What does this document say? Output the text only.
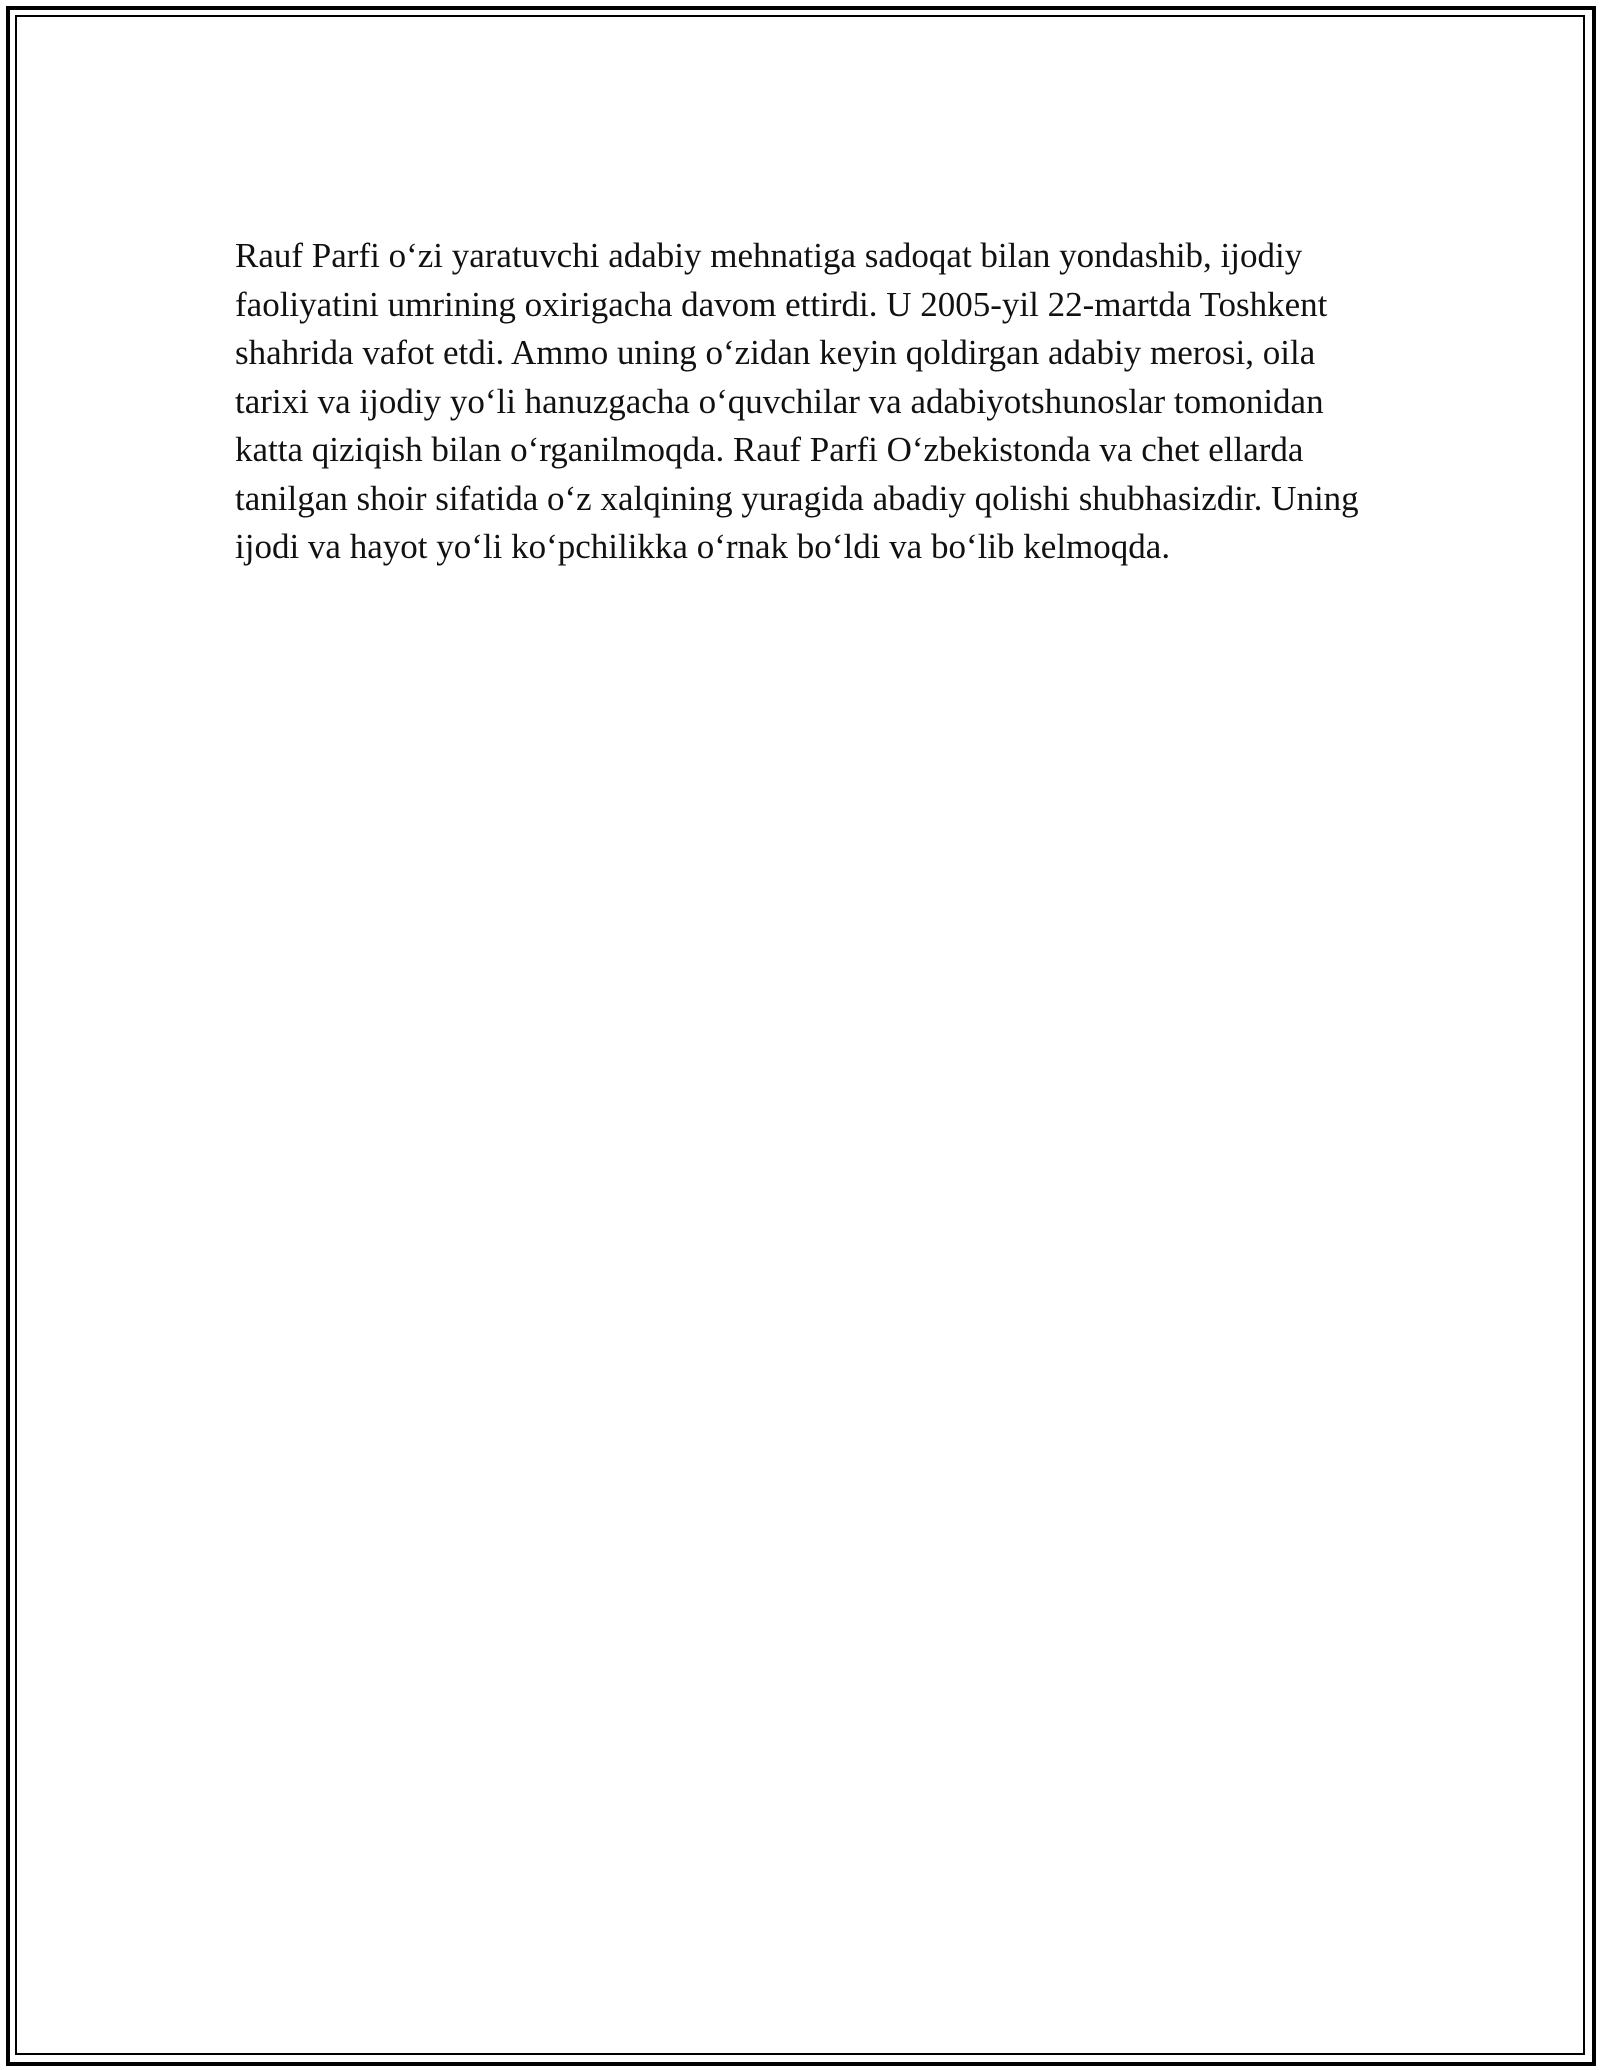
Rauf Parfi o‘zi yaratuvchi adabiy mehnatiga sadoqat bilan yondashib, ijodiy faoliyatini umrining oxirigacha davom ettirdi. U 2005-yil 22-martda Toshkent shahrida vafot etdi. Ammo uning o‘zidan keyin qoldirgan adabiy merosi, oila tarixi va ijodiy yo‘li hanuzgacha o‘quvchilar va adabiyotshunoslar tomonidan katta qiziqish bilan o‘rganilmoqda. Rauf Parfi O‘zbekistonda va chet ellarda tanilgan shoir sifatida o‘z xalqining yuragida abadiy qolishi shubhasizdir. Uning ijodi va hayot yo‘li ko‘pchilikka o‘rnak bo‘ldi va bo‘lib kelmoqda.
